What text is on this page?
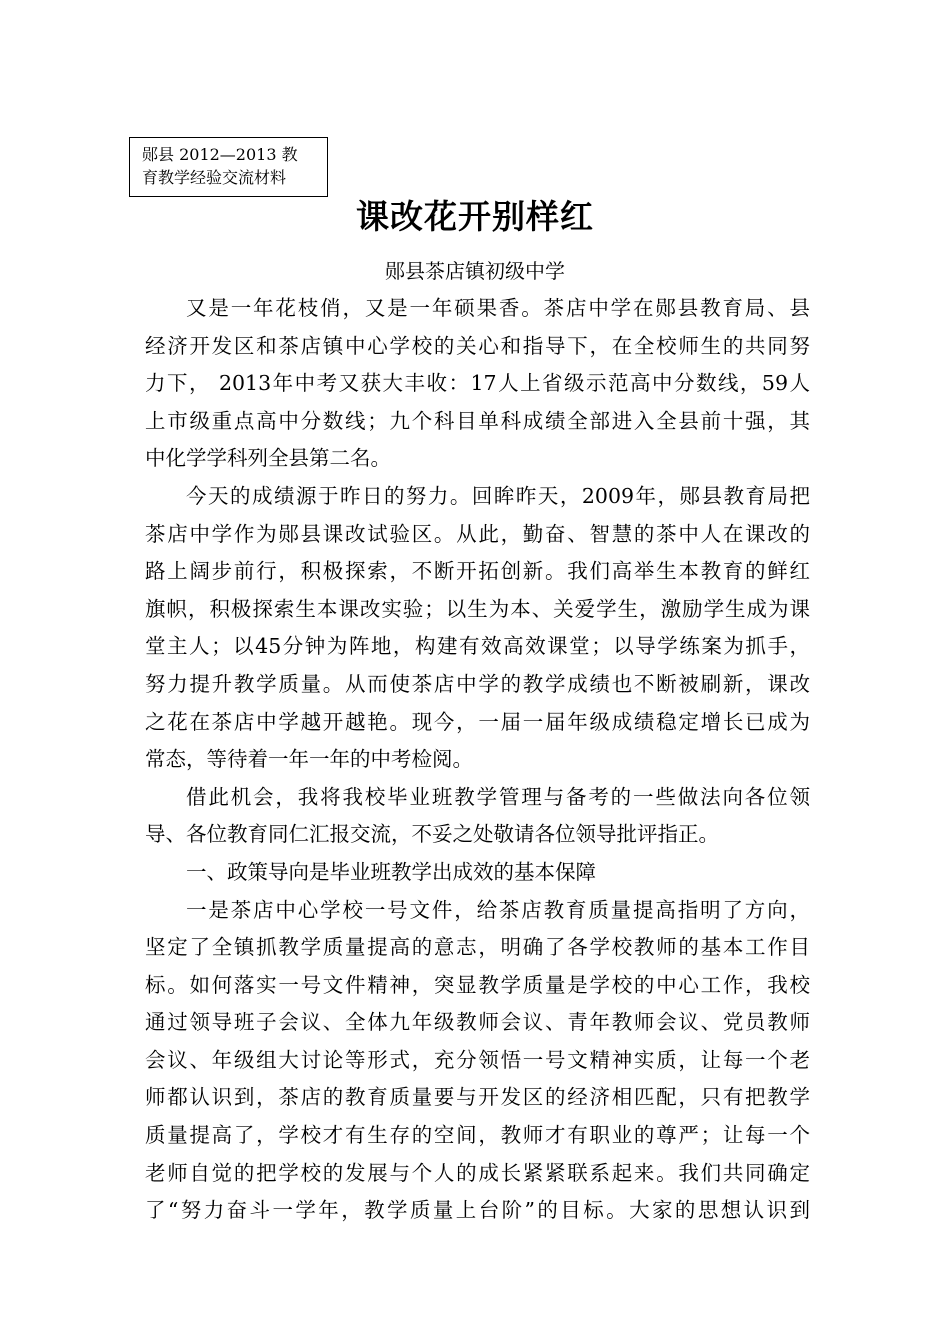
郧县 2012—2013 教
育教学经验交流材料
课改花开别样红
郧县茶店镇初级中学
又是一年花枝俏，又是一年硕果香。茶店中学在郧县教育局、县
经济开发区和茶店镇中心学校的关心和指导下，在全校师生的共同努
力下， 2013年中考又获大丰收：17人上省级示范高中分数线，59人
上市级重点高中分数线；九个科目单科成绩全部进入全县前十强，其
中化学学科列全县第二名。
今天的成绩源于昨日的努力。回眸昨天，2009年，郧县教育局把
茶店中学作为郧县课改试验区。从此，勤奋、智慧的茶中人在课改的
路上阔步前行，积极探索，不断开拓创新。我们高举生本教育的鲜红
旗帜，积极探索生本课改实验；以生为本、关爱学生，激励学生成为课
堂主人；以45分钟为阵地，构建有效高效课堂；以导学练案为抓手，
努力提升教学质量。从而使茶店中学的教学成绩也不断被刷新，课改
之花在茶店中学越开越艳。现今，一届一届年级成绩稳定增长已成为
常态，等待着一年一年的中考检阅。
借此机会，我将我校毕业班教学管理与备考的一些做法向各位领
导、各位教育同仁汇报交流，不妥之处敬请各位领导批评指正。
一、政策导向是毕业班教学出成效的基本保障
一是茶店中心学校一号文件，给茶店教育质量提高指明了方向，
坚定了全镇抓教学质量提高的意志，明确了各学校教师的基本工作目
标。如何落实一号文件精神，突显教学质量是学校的中心工作，我校
通过领导班子会议、全体九年级教师会议、青年教师会议、党员教师
会议、年级组大讨论等形式，充分领悟一号文精神实质，让每一个老
师都认识到，茶店的教育质量要与开发区的经济相匹配，只有把教学
质量提高了，学校才有生存的空间，教师才有职业的尊严；让每一个
老师自觉的把学校的发展与个人的成长紧紧联系起来。我们共同确定
了“努力奋斗一学年，教学质量上台阶”的目标。大家的思想认识到
